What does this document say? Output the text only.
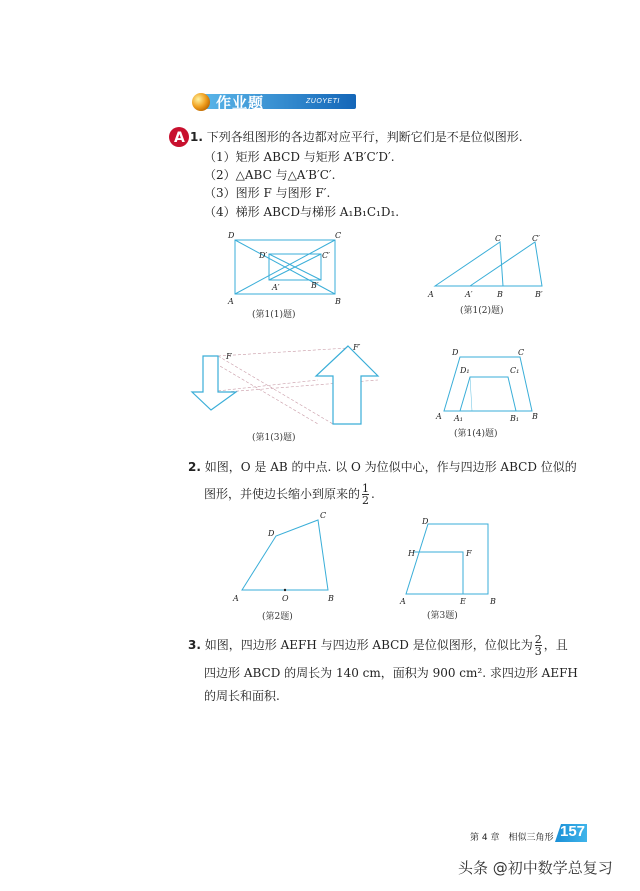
作业题	ZUOYETI
A 1. 下列各组图形的各边都对应平行，判断它们是不是位似图形.
（1）矩形 ABCD 与矩形 A′B′C′D′.
（2）△ABC 与△A′B′C′.
（3）图形 F 与图形 F′.
（4）梯形 ABCD与梯形 A₁B₁C₁D₁.
D	C
A	B
D′	C′
A′	B′
(第1(1)题)
A	A′	B	B′
C	C′
(第1(2)题)
F
F′
(第1(3)题)
D	C
D₁	C₁
A A₁	B₁ B
(第1(4)题)
2. 如图，O 是 AB 的中点. 以 O 为位似中心，作与四边形 ABCD 位似的
图形，并使边长缩小到原来的 $\frac{1}{2}$ .
A	O	B
C
D
(第2题)
D
H	F
A	E	B
(第3题)
3. 如图，四边形 AEFH 与四边形 ABCD 是位似图形，位似比为 $\frac{2}{3}$ ，且
四边形 ABCD 的周长为 140 cm，面积为 900 cm². 求四边形 AEFH
的周长和面积.
第 4 章　相似三角形 157
头条 @初中数学总复习
